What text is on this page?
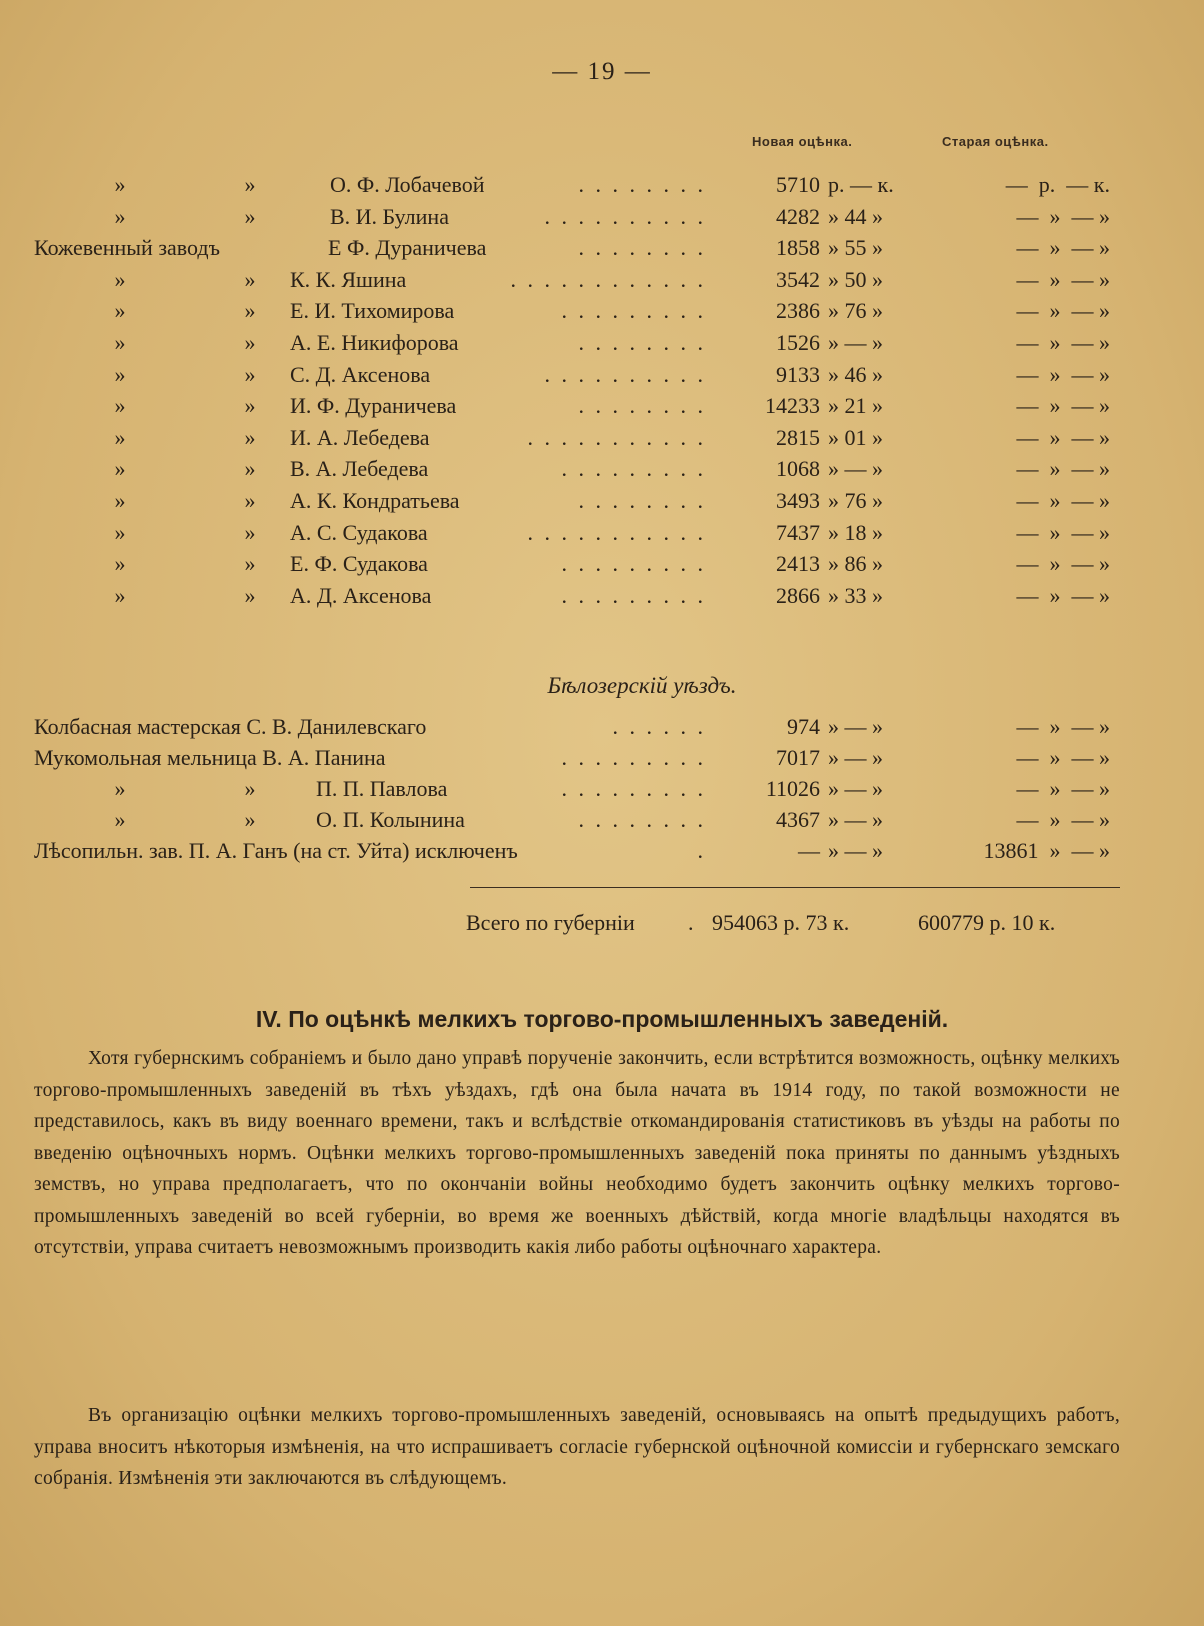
— 19 —
Новая оцѣнка.	Старая оцѣнка.
»	»	О. Ф. Лобачевой	. . . . . . . .	5710 р. — к.	—  р.  — к.
»	»	В. И. Булина	. . . . . . . . . .	4282 » 44 »	—  »  — »
Кожевенный заводъ	Е Ф. Дураничева	. . . . . . . .	1858 » 55 »	—  »  — »
»	» К. К. Яшина	. . . . . . . . . . . .	3542 » 50 »	—  »  — »
»	» Е. И. Тихомирова	. . . . . . . . .	2386 » 76 »	—  »  — »
»	» А. Е. Никифорова	. . . . . . . .	1526 » — »	—  »  — »
»	» С. Д. Аксенова	. . . . . . . . . .	9133 » 46 »	—  »  — »
»	» И. Ф. Дураничева	. . . . . . . .	14233 » 21 »	—  »  — »
»	» И. А. Лебедева	. . . . . . . . . . .	2815 » 01 »	—  »  — »
»	» В. А. Лебедева	. . . . . . . . .	1068 » — »	—  »  — »
»	» А. К. Кондратьева	. . . . . . . .	3493 » 76 »	—  »  — »
»	» А. С. Судакова	. . . . . . . . . . .	7437 » 18 »	—  »  — »
»	» Е. Ф. Судакова	. . . . . . . . .	2413 » 86 »	—  »  — »
»	» А. Д. Аксенова	. . . . . . . . .	2866 » 33 »	—  »  — »
Бѣлозерскій уѣздъ.
Колбасная мастерская С. В. Данилевскаго	. . . . . .	974 » — »	—  »  — »
Мукомольная мельница В. А. Панина	. . . . . . . . .	7017 » — »	—  »  — »
»	»	П. П. Павлова	. . . . . . . . .	11026 » — »	—  »  — »
»	»	О. П. Колынина	. . . . . . . .	4367 » — »	—  »  — »
Лѣсопильн. зав. П. А. Ганъ (на ст. Уйта) исключенъ	.	— » — »	13861  »  — »
Всего по губерніи . 954063 р. 73 к.	600779 р. 10 к.
IV. По оцѣнкѣ мелкихъ торгово-промышленныхъ заведеній.

Хотя губернскимъ собраніемъ и было дано управѣ порученіе закончить, если встрѣтится возможность, оцѣнку мелкихъ торгово-промышленныхъ заведеній въ тѣхъ уѣздахъ, гдѣ она была начата въ 1914 году, по такой возможности не представилось, какъ въ виду военнаго времени, такъ и вслѣдствіе откомандированія статистиковъ въ уѣзды на работы по введенію оцѣночныхъ нормъ. Оцѣнки мелкихъ торгово-промышленныхъ заведеній пока приняты по даннымъ уѣздныхъ земствъ, но управа предполагаетъ, что по окончаніи войны необходимо будетъ закончить оцѣнку мелкихъ торгово-промышленныхъ заведеній во всей губерніи, во время же военныхъ дѣйствій, когда многіе владѣльцы находятся въ отсутствіи, управа считаетъ невозможнымъ производить какія либо работы оцѣночнаго характера.

Въ организацію оцѣнки мелкихъ торгово-промышленныхъ заведеній, основываясь на опытѣ предыдущихъ работъ, управа вноситъ нѣкоторыя измѣненія, на что испрашиваетъ согласіе губернской оцѣночной комиссіи и губернскаго земскаго собранія. Измѣненія эти заключаются въ слѣдующемъ.
